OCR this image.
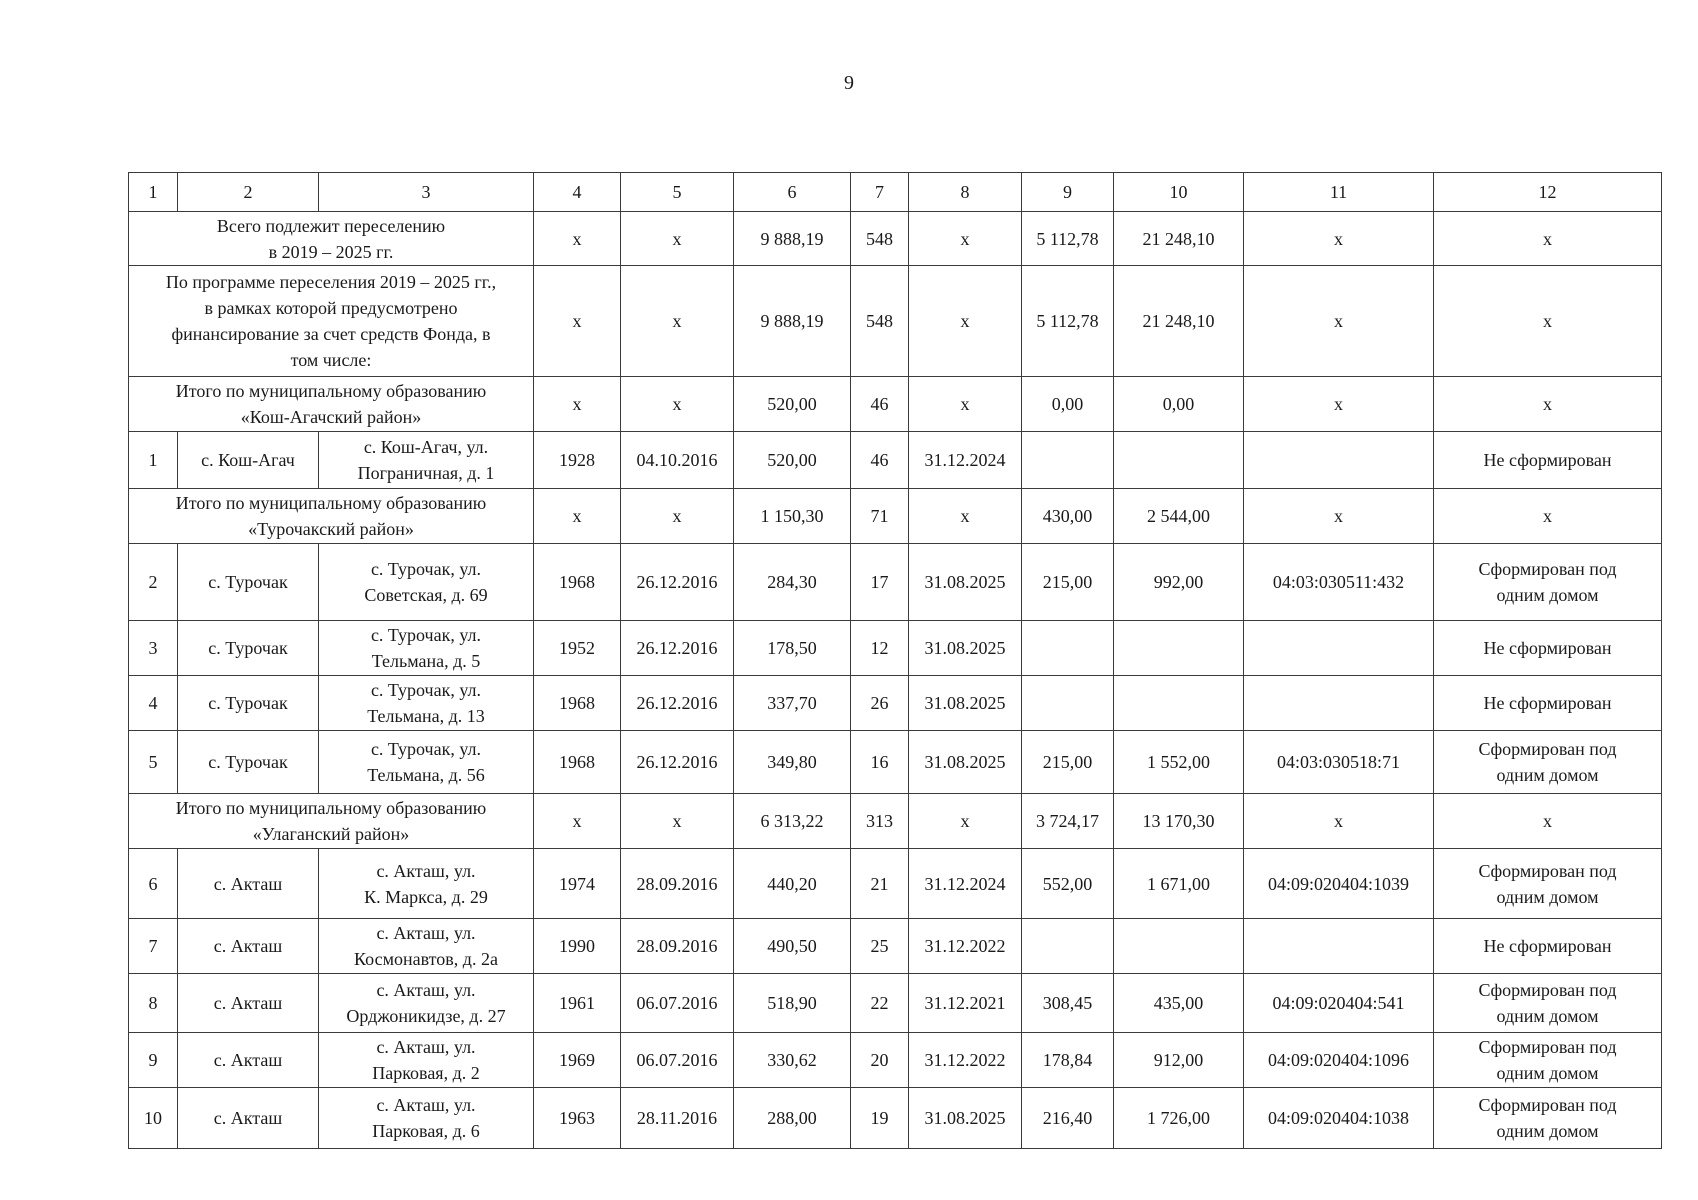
9
1	2	3	4	5	6	7	8	9	10	11	12
Всего подлежит переселению
в 2019 – 2025 гг.			х	х	9 888,19	548	х	5 112,78	21 248,10	х	х
По программе переселения 2019 – 2025 гг.,
в рамках которой предусмотрено
финансирование за счет средств Фонда, в
том числе:			х	х	9 888,19	548	х	5 112,78	21 248,10	х	х
Итого по муниципальному образованию
«Кош-Агачский район»			х	х	520,00	46	х	0,00	0,00	х	х
1	с. Кош-Агач	с. Кош-Агач, ул.
Пограничная, д. 1	1928	04.10.2016	520,00	46	31.12.2024				Не сформирован
Итого по муниципальному образованию
«Турочакский район»			х	х	1 150,30	71	х	430,00	2 544,00	х	х
2	с. Турочак	с. Турочак, ул.
Советская, д. 69	1968	26.12.2016	284,30	17	31.08.2025	215,00	992,00	04:03:030511:432	Сформирован под
одним домом
3	с. Турочак	с. Турочак, ул.
Тельмана, д. 5	1952	26.12.2016	178,50	12	31.08.2025				Не сформирован
4	с. Турочак	с. Турочак, ул.
Тельмана, д. 13	1968	26.12.2016	337,70	26	31.08.2025				Не сформирован
5	с. Турочак	с. Турочак, ул.
Тельмана, д. 56	1968	26.12.2016	349,80	16	31.08.2025	215,00	1 552,00	04:03:030518:71	Сформирован под
одним домом
Итого по муниципальному образованию
«Улаганский район»			х	х	6 313,22	313	х	3 724,17	13 170,30	х	х
6	с. Акташ	с. Акташ, ул.
К. Маркса, д. 29	1974	28.09.2016	440,20	21	31.12.2024	552,00	1 671,00	04:09:020404:1039	Сформирован под
одним домом
7	с. Акташ	с. Акташ, ул.
Космонавтов, д. 2а	1990	28.09.2016	490,50	25	31.12.2022				Не сформирован
8	с. Акташ	с. Акташ, ул.
Орджоникидзе, д. 27	1961	06.07.2016	518,90	22	31.12.2021	308,45	435,00	04:09:020404:541	Сформирован под
одним домом
9	с. Акташ	с. Акташ, ул.
Парковая, д. 2	1969	06.07.2016	330,62	20	31.12.2022	178,84	912,00	04:09:020404:1096	Сформирован под
одним домом
10	с. Акташ	с. Акташ, ул.
Парковая, д. 6	1963	28.11.2016	288,00	19	31.08.2025	216,40	1 726,00	04:09:020404:1038	Сформирован под
одним домом
